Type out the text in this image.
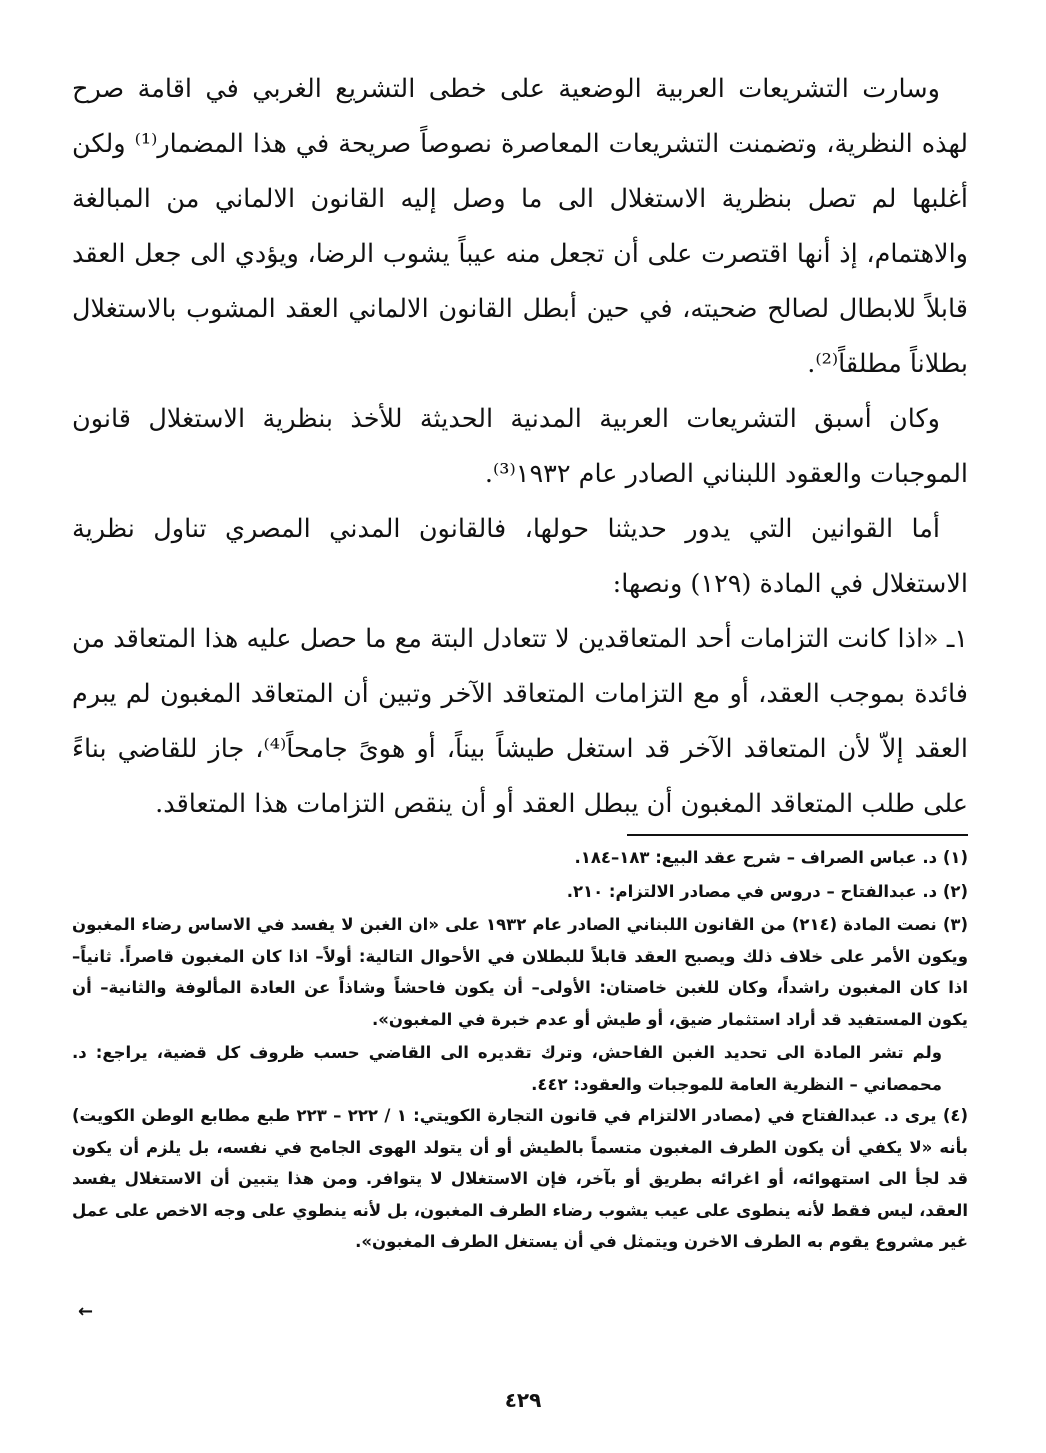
وسارت التشريعات العربية الوضعية على خطى التشريع الغربي في اقامة صرح لهذه النظرية، وتضمنت التشريعات المعاصرة نصوصاً صريحة في هذا المضمار⁽¹⁾ ولكن أغلبها لم تصل بنظرية الاستغلال الى ما وصل إليه القانون الالماني من المبالغة والاهتمام، إذ أنها اقتصرت على أن تجعل منه عيباً يشوب الرضا، ويؤدي الى جعل العقد قابلاً للابطال لصالح ضحيته، في حين أبطل القانون الالماني العقد المشوب بالاستغلال بطلاناً مطلقاً⁽²⁾.

وكان أسبق التشريعات العربية المدنية الحديثة للأخذ بنظرية الاستغلال قانون الموجبات والعقود اللبناني الصادر عام ١٩٣٢⁽³⁾.

أما القوانين التي يدور حديثنا حولها، فالقانون المدني المصري تناول نظرية الاستغلال في المادة (١٢٩) ونصها:

١ـ «اذا كانت التزامات أحد المتعاقدين لا تتعادل البتة مع ما حصل عليه هذا المتعاقد من فائدة بموجب العقد، أو مع التزامات المتعاقد الآخر وتبين أن المتعاقد المغبون لم يبرم العقد إلاّ لأن المتعاقد الآخر قد استغل طيشاً بيناً، أو هوىً جامحاً⁽⁴⁾، جاز للقاضي بناءً على طلب المتعاقد المغبون أن يبطل العقد أو أن ينقص التزامات هذا المتعاقد.

(١) د. عباس الصراف – شرح عقد البيع: ١٨٣–١٨٤.

(٢) د. عبدالفتاح – دروس في مصادر الالتزام: ٢١٠.

(٣) نصت المادة (٢١٤) من القانون اللبناني الصادر عام ١٩٣٢ على «ان الغبن لا يفسد في الاساس رضاء المغبون ويكون الأمر على خلاف ذلك ويصبح العقد قابلاً للبطلان في الأحوال التالية: أولاً– اذا كان المغبون قاصراً. ثانياً– اذا كان المغبون راشداً، وكان للغبن خاصتان: الأولى– أن يكون فاحشاً وشاذاً عن العادة المألوفة والثانية– أن يكون المستفيد قد أراد استثمار ضيق، أو طيش أو عدم خبرة في المغبون».

ولم تشر المادة الى تحديد الغبن الفاحش، وترك تقديره الى القاضي حسب ظروف كل قضية، يراجع: د. محمصاني – النظرية العامة للموجبات والعقود: ٤٤٢.

(٤) يرى د. عبدالفتاح في (مصادر الالتزام في قانون التجارة الكويتي: ١ / ٢٢٢ – ٢٢٣ طبع مطابع الوطن الكويت) بأنه «لا يكفي أن يكون الطرف المغبون متسماً بالطيش أو أن يتولد الهوى الجامح في نفسه، بل يلزم أن يكون قد لجأ الى استهوائه، أو اغرائه بطريق أو بآخر، فإن الاستغلال لا يتوافر. ومن هذا يتبين أن الاستغلال يفسد العقد، ليس فقط لأنه ينطوى على عيب يشوب رضاء الطرف المغبون، بل لأنه ينطوي على وجه الاخص على عمل غير مشروع يقوم به الطرف الاخرن ويتمثل في أن يستغل الطرف المغبون».

←
٤٢٩
